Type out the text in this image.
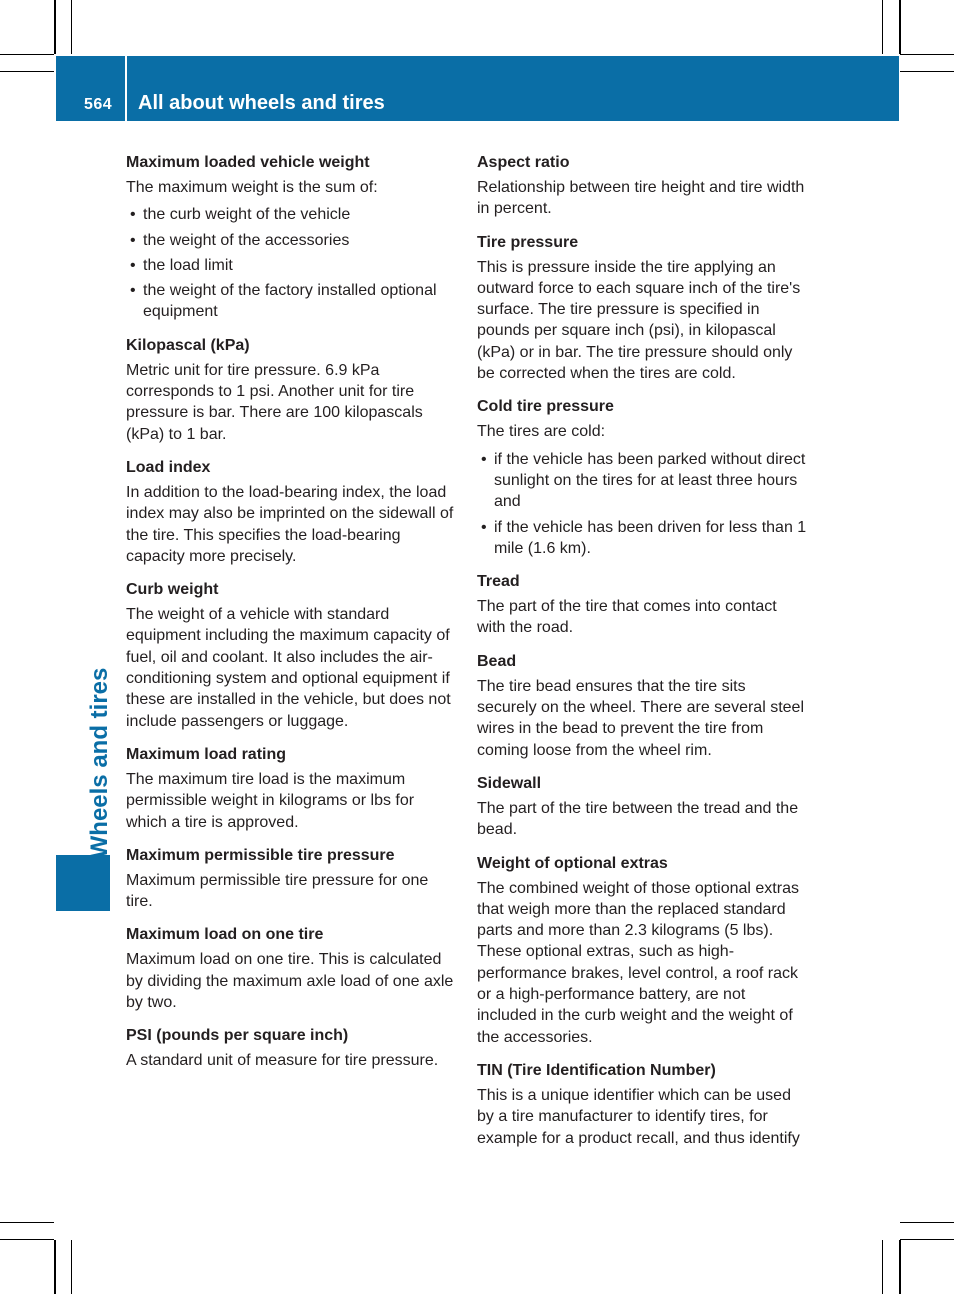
564 All about wheels and tires
Wheels and tires
Maximum loaded vehicle weight

The maximum weight is the sum of:

• the curb weight of the vehicle
• the weight of the accessories
• the load limit
• the weight of the factory installed optional equipment
Kilopascal (kPa)

Metric unit for tire pressure. 6.9 kPa corresponds to 1 psi. Another unit for tire pressure is bar. There are 100 kilopascals (kPa) to 1 bar.

Load index

In addition to the load-bearing index, the load index may also be imprinted on the sidewall of the tire. This specifies the load-bearing capacity more precisely.

Curb weight

The weight of a vehicle with standard equipment including the maximum capacity of fuel, oil and coolant. It also includes the air-conditioning system and optional equipment if these are installed in the vehicle, but does not include passengers or luggage.

Maximum load rating

The maximum tire load is the maximum permissible weight in kilograms or lbs for which a tire is approved.

Maximum permissible tire pressure

Maximum permissible tire pressure for one tire.

Maximum load on one tire

Maximum load on one tire. This is calculated by dividing the maximum axle load of one axle by two.

PSI (pounds per square inch)

A standard unit of measure for tire pressure.

Aspect ratio

Relationship between tire height and tire width in percent.

Tire pressure

This is pressure inside the tire applying an outward force to each square inch of the tire's surface. The tire pressure is specified in pounds per square inch (psi), in kilopascal (kPa) or in bar. The tire pressure should only be corrected when the tires are cold.

Cold tire pressure

The tires are cold:

• if the vehicle has been parked without direct sunlight on the tires for at least three hours and
• if the vehicle has been driven for less than 1 mile (1.6 km).
Tread

The part of the tire that comes into contact with the road.

Bead

The tire bead ensures that the tire sits securely on the wheel. There are several steel wires in the bead to prevent the tire from coming loose from the wheel rim.

Sidewall

The part of the tire between the tread and the bead.

Weight of optional extras

The combined weight of those optional extras that weigh more than the replaced standard parts and more than 2.3 kilograms (5 lbs). These optional extras, such as high-performance brakes, level control, a roof rack or a high-performance battery, are not included in the curb weight and the weight of the accessories.

TIN (Tire Identification Number)

This is a unique identifier which can be used by a tire manufacturer to identify tires, for example for a product recall, and thus identify
